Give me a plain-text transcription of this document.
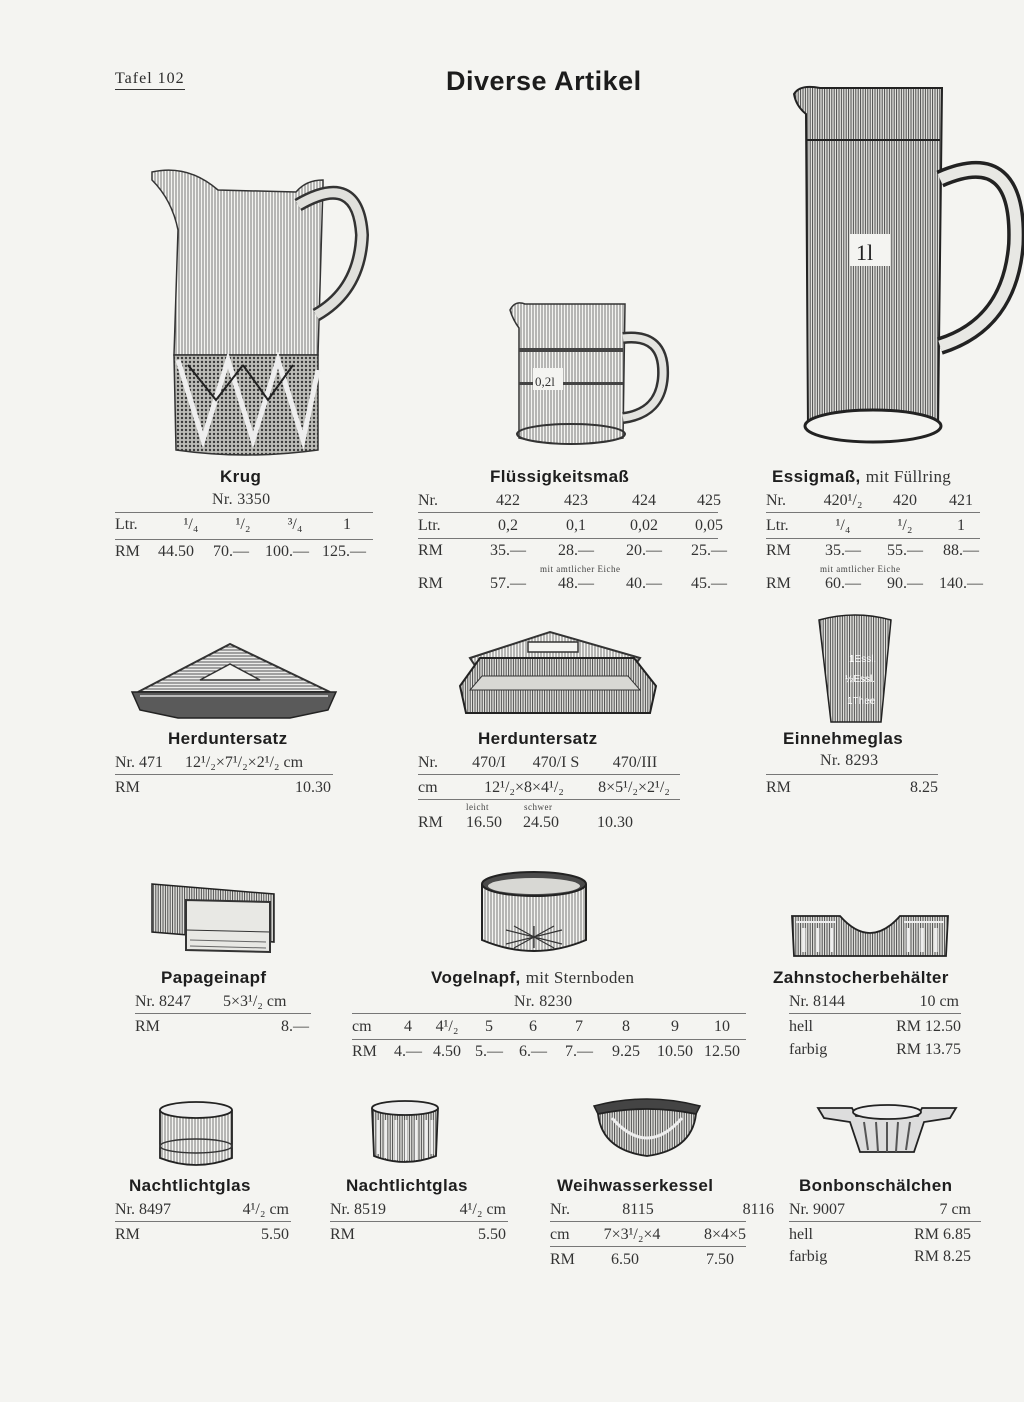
Tafel 102	Diverse Artikel
Krug
Nr. 3350
Ltr.	¹/₄	¹/₂	³/₄	1
RM	44.50	70.—	100.— 125.—
0,2l
Flüssigkeitsmaß
Nr.	422	423	424	425
Ltr.	0,2	0,1	0,02	0,05
RM	35.—	28.—	20.—	25.—
mit amtlicher Eiche
RM	57.—	48.—	40.—	45.—
1l
Essigmaß, mit Füllring
Nr.	420¹/₂	420	421
Ltr.	¹/₄	¹/₂	1
RM	35.—	55.—	88.—
mit amtlicher Eiche
RM	60.—	90.—	140.—
Herduntersatz
Nr. 471	12¹/₂×7¹/₂×2¹/₂ cm
RM	10.30
Herduntersatz
Nr.	470/I	470/I S	470/III
cm	12¹/₂×8×4¹/₂	8×5¹/₂×2¹/₂
leicht	schwer
RM	16.50	24.50	10.30
1Essl.
½Essl.
1Thee
Einnehmeglas
Nr. 8293
RM	8.25
Papageinapf
Nr. 8247	5×3¹/₂ cm
RM	8.—
Vogelnapf, mit Sternboden
Nr. 8230
cm	4	4¹/₂	5	6	7	8	9	10
RM	4.— 4.50 5.—	6.—	7.—	9.25	10.50 12.50
Zahnstocherbehälter
Nr. 8144	10 cm
hell	RM 12.50
farbig	RM 13.75
Nachtlichtglas
Nr. 8497	4¹/₂ cm
RM	5.50
Nachtlichtglas
Nr. 8519	4¹/₂ cm
RM	5.50
Weihwasserkessel
Nr.	8115	8116
cm	7×3¹/₂×4	8×4×5
RM	6.50	7.50
Bonbonschälchen
Nr. 9007	7 cm
hell	RM 6.85
farbig	RM 8.25
